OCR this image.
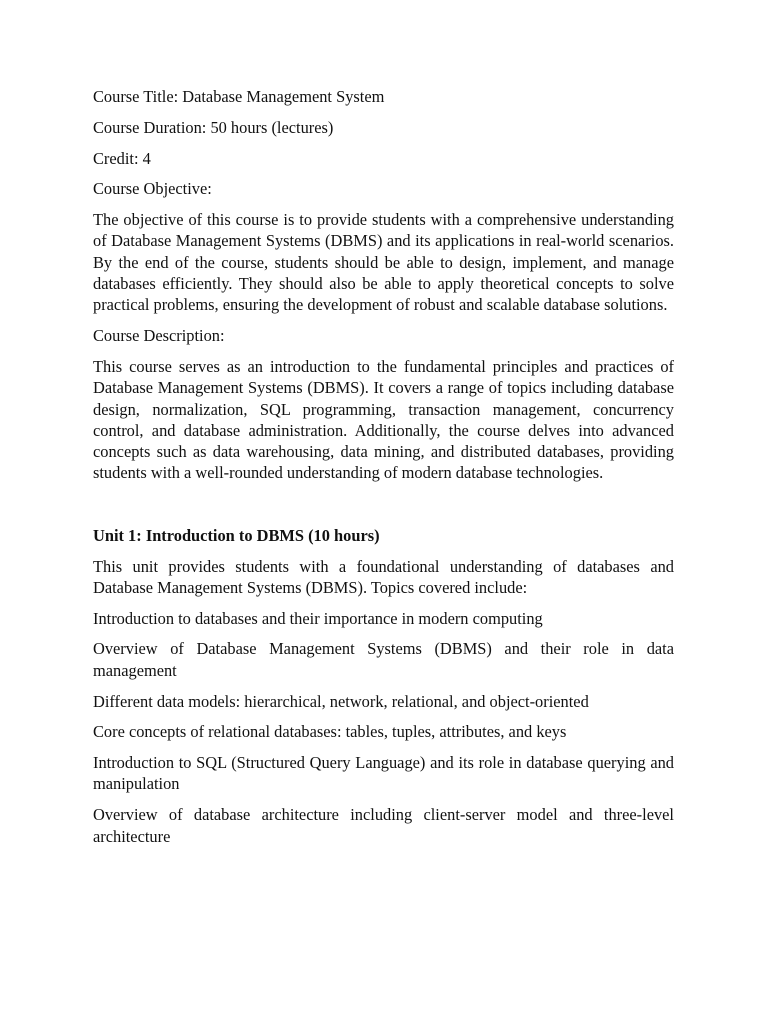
Course Title: Database Management System

Course Duration: 50 hours (lectures)

Credit: 4

Course Objective:

The objective of this course is to provide students with a comprehensive understanding of Database Management Systems (DBMS) and its applications in real-world scenarios. By the end of the course, students should be able to design, implement, and manage databases efficiently. They should also be able to apply theoretical concepts to solve practical problems, ensuring the development of robust and scalable database solutions.

Course Description:

This course serves as an introduction to the fundamental principles and practices of Database Management Systems (DBMS). It covers a range of topics including database design, normalization, SQL programming, transaction management, concurrency control, and database administration. Additionally, the course delves into advanced concepts such as data warehousing, data mining, and distributed databases, providing students with a well-rounded understanding of modern database technologies.

Unit 1: Introduction to DBMS (10 hours)

This unit provides students with a foundational understanding of databases and Database Management Systems (DBMS). Topics covered include:

Introduction to databases and their importance in modern computing

Overview of Database Management Systems (DBMS) and their role in data management

Different data models: hierarchical, network, relational, and object-oriented

Core concepts of relational databases: tables, tuples, attributes, and keys

Introduction to SQL (Structured Query Language) and its role in database querying and manipulation

Overview of database architecture including client-server model and three-level architecture
